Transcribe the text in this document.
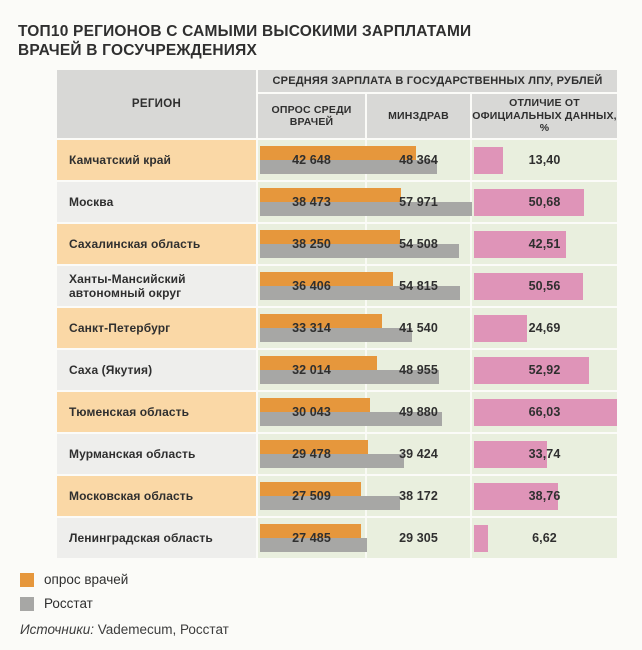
ТОП10 РЕГИОНОВ С САМЫМИ ВЫСОКИМИ ЗАРПЛАТАМИ
ВРАЧЕЙ В ГОСУЧРЕЖДЕНИЯХ
РЕГИОН
СРЕДНЯЯ ЗАРПЛАТА В ГОСУДАРСТВЕННЫХ ЛПУ, РУБЛЕЙ
ОПРОС СРЕДИ ВРАЧЕЙ
МИНЗДРАВ
ОТЛИЧИЕ ОТ ОФИЦИАЛЬНЫХ ДАННЫХ, %
Камчатский край	42 648	48 364	13,40
Москва	38 473	57 971	50,68
Сахалинская область	38 250	54 508	42,51
Ханты-Мансийский автономный округ	36 406	54 815	50,56
Санкт-Петербург	33 314	41 540	24,69
Саха (Якутия)	32 014	48 955	52,92
Тюменская область	30 043	49 880	66,03
Мурманская область	29 478	39 424	33,74
Московская область	27 509	38 172	38,76
Ленинградская область	27 485	29 305	6,62
опрос врачей
Росстат
Источники: Vademecum, Росстат
